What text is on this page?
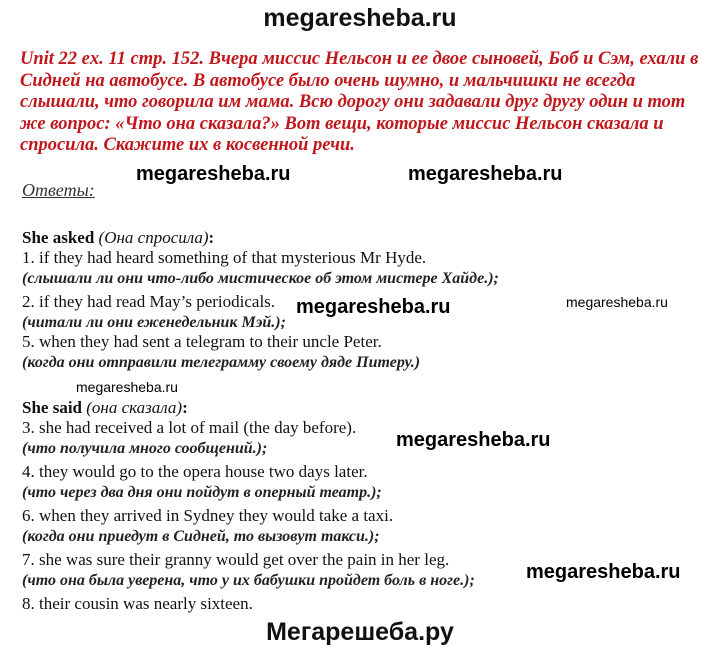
megaresheba.ru
Unit 22 ex. 11 стр. 152. Вчера миссис Нельсон и ее двое сыновей, Боб и Сэм, ехали в
Сидней на автобусе. В автобусе было очень шумно, и мальчишки не всегда
слышали, что говорила им мама. Всю дорогу они задавали друг другу один и тот
же вопрос: «Что она сказала?» Вот вещи, которые миссис Нельсон сказала и
спросила. Скажите их в косвенной речи.
Ответы:
megaresheba.ru	megaresheba.ru
She asked (Она спросила):
1. if they had heard something of that mysterious Mr Hyde.
(слышали ли они что-либо мистическое об этом мистере Хайде.);
2. if they had read May’s periodicals.
(читали ли они еженедельник Мэй.);
5. when they had sent a telegram to their uncle Peter.
(когда они отправили телеграмму своему дяде Питеру.)
megaresheba.ru	megaresheba.ru
megaresheba.ru
She said (она сказала):
3. she had received a lot of mail (the day before).
(что получила много сообщений.);
4. they would go to the opera house two days later.
(что через два дня они пойдут в оперный театр.);
6. when they arrived in Sydney they would take a taxi.
(когда они приедут в Сидней, то вызовут такси.);
7. she was sure their granny would get over the pain in her leg.
(что она была уверена, что у их бабушки пройдет боль в ноге.);
8. their cousin was nearly sixteen.
megaresheba.ru
megaresheba.ru
Мегарешеба.ру
